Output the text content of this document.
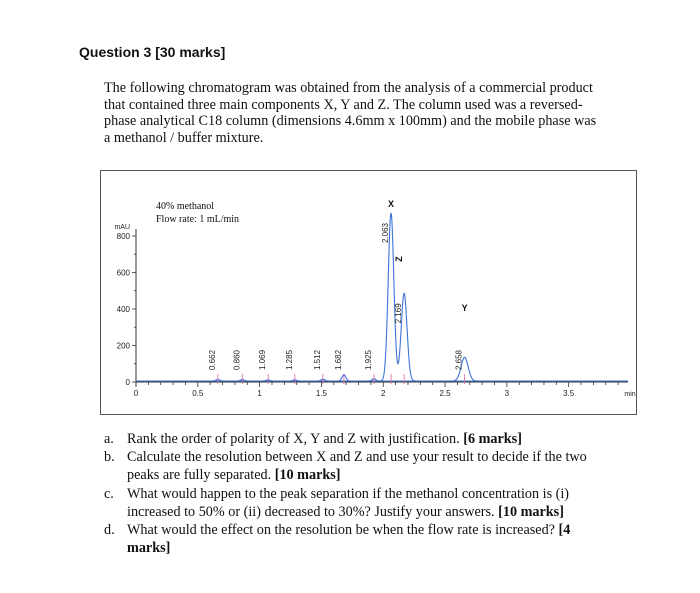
Question 3 [30 marks]
The following chromatogram was obtained from the analysis of a commercial product
that contained three main components X, Y and Z. The column used was a reversed-
phase analytical C18 column (dimensions 4.6mm x 100mm) and the mobile phase was
a methanol / buffer mixture.
0	0.5	1	1.5	2	2.5	3	3.5	min
0
200
400
600
800
mAU
40% methanol
Flow rate: 1 mL/min
0.662 0.860 1.069 1.285 1.512 1.682	1.925
2.063
X
2.169
Z
2.658
Y
a. Rank the order of polarity of X, Y and Z with justification. [6 marks]
b. Calculate the resolution between X and Z and use your result to decide if the two
peaks are fully separated. [10 marks]
c. What would happen to the peak separation if the methanol concentration is (i)
increased to 50% or (ii) decreased to 30%? Justify your answers. [10 marks]
d. What would the effect on the resolution be when the flow rate is increased? [4
marks]
